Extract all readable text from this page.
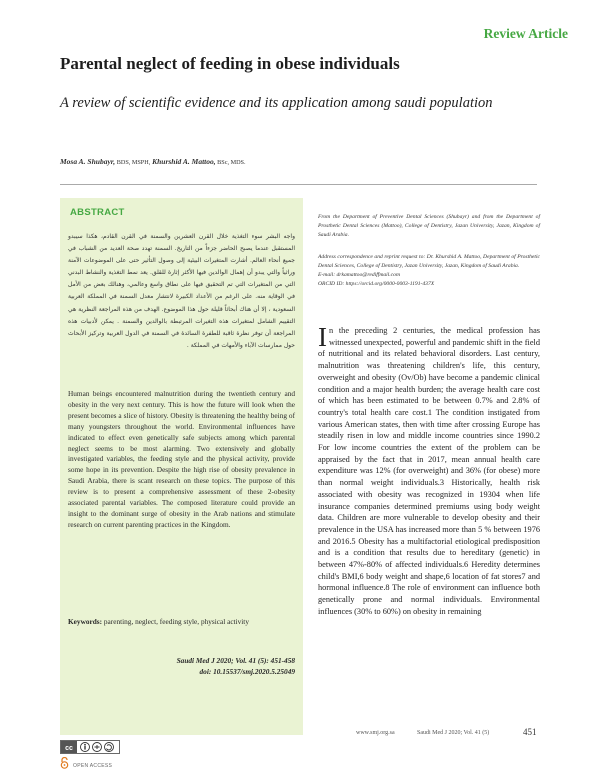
Review Article
Parental neglect of feeding in obese individuals
A review of scientific evidence and its application among saudi population
Mosa A. Shubayr, BDS, MSPH, Khurshid A. Mattoo, BSc, MDS.
ABSTRACT
واجه البشر سوء التغذية خلال القرن العشرين والسمنة في القرن القادم، هكذا سيبدو المستقبل عندما يصبح الحاضر جزءاً من التاريخ. السمنة تهدد صحة العديد من الشباب في جميع أنحاء العالم. أشارت المتغيرات البيئية إلى وصول التأثير حتى على الموضوعات الآمنة وراثياً والتي يبدو أن إهمال الوالدين فيها الأكثر إثارة للقلق. يعد نمط التغذية والنشاط البدني التي من المتغيرات التي تم التحقيق فيها على نطاق واسع وعالمي، وهنالك بعض من الأمل في الوقاية منه. على الرغم من الأعداد الكبيرة لانتشار معدل السمنة في المملكة العربية السعودية ، إلا أن هناك أبحاثاً قليلة حول هذا الموضوع. الهدف من هذه المراجعة النظرية هي التقييم الشامل لمتغيرات هذه التغيرات المرتبطة بالوالدين والسمنة . يمكن لأدبيات هذه المراجعة أن توفر نظرة ثاقبة للطفرة السائدة في السمنة في الدول العربية وتركيز الأبحاث حول ممارسات الآباء والأمهات في المملكة .
Human beings encountered malnutrition during the twentieth century and obesity in the very next century. This is how the future will look when the present becomes a slice of history. Obesity is threatening the healthy being of many youngsters throughout the world. Environmental influences have indicated to effect even genetically safe subjects among which parental neglect seems to be most alarming. Two extensively and globally investigated variables, the feeding style and the physical activity, provide some hope in its prevention. Despite the high rise of obesity prevalence in Saudi Arabia, there is scant research on these topics. The purpose of this review is to present a comprehensive assessment of these 2-obesity associated parental variables. The composed literature could provide an insight to the dominant surge of obesity in the Arab nations and stimulate research on current parenting practices in the Kingdom.
Keywords: parenting, neglect, feeding style, physical activity
Saudi Med J 2020; Vol. 41 (5): 451-458
doi: 10.15537/smj.2020.5.25049
From the Department of Preventive Dental Sciences (Shubayr) and from the Department of Prosthetic Dental Sciences (Mattoo), College of Dentistry, Jazan University, Jazan, Kingdom of Saudi Arabia.
Address correspondence and reprint request to: Dr. Khurshid A. Mattoo, Department of Prosthetic Dental Sciences, College of Dentistry, Jazan University, Jazan, Kingdom of Saudi Arabia.
E-mail: drkamattoo@rediffmail.com
ORCID ID: https://orcid.org/0000-0003-1191-437X
In the preceding 2 centuries, the medical profession has witnessed unexpected, powerful and pandemic shift in the field of nutritional and its related behavioral disorders. Last century, malnutrition was threatening children's life, this century, overweight and obesity (Ov/Ob) have become a pandemic clinical condition and a major health burden; the average health care cost of which has been estimated to be between 0.7% and 2.8% of country's total health care cost.1 The condition instigated from various American states, then with time after crossing Europe has steadily risen in low and middle income countries since 1990.2 For low income countries the extent of the problem can be appraised by the fact that in 2017, mean annual health care expenditure was 12% (for overweight) and 36% (for obese) more than normal weight individuals.3 Historically, health risk associated with obesity was recognized in 19304 when life insurance companies determined premiums using body weight data. Children are more vulnerable to develop obesity and their prevalence in the USA has increased more than 5 % between 1976 and 2016.5 Obesity has a multifactorial etiological predisposition and is a condition that results due to hereditary (genetic) in between 47%-80% of affected individuals.6 Heredity determines child's BMI,6 body weight and shape,6 location of fat stores7 and hormonal influence.8 The role of environment can influence both genetically prone and normal individuals. Environmental influences (30% to 60%) on obesity in remaining
cc
OPEN ACCESS
www.smj.org.sa	Saudi Med J 2020; Vol. 41 (5)	451
